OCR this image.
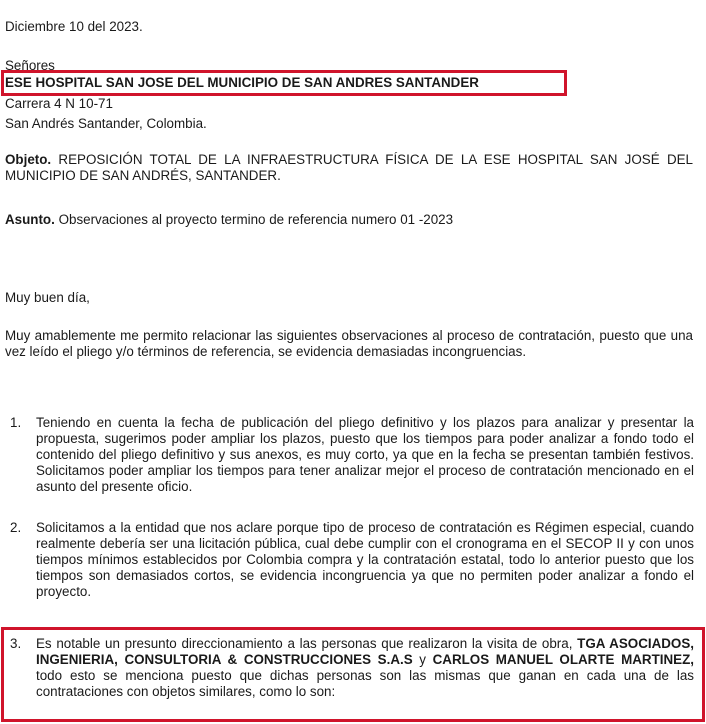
Diciembre 10 del 2023.
Señores
ESE HOSPITAL SAN JOSE DEL MUNICIPIO DE SAN ANDRES SANTANDER
Carrera 4 N 10-71
San Andrés Santander, Colombia.
Objeto. REPOSICIÓN TOTAL DE LA INFRAESTRUCTURA FÍSICA DE LA ESE HOSPITAL SAN JOSÉ DEL MUNICIPIO DE SAN ANDRÉS, SANTANDER.
Asunto. Observaciones al proyecto termino de referencia numero 01 -2023
Muy buen día,
Muy amablemente me permito relacionar las siguientes observaciones al proceso de contratación, puesto que una vez leído el pliego y/o términos de referencia, se evidencia demasiadas incongruencias.
1. Teniendo en cuenta la fecha de publicación del pliego definitivo y los plazos para analizar y presentar la propuesta, sugerimos poder ampliar los plazos, puesto que los tiempos para poder analizar a fondo todo el contenido del pliego definitivo y sus anexos, es muy corto, ya que en la fecha se presentan también festivos. Solicitamos poder ampliar los tiempos para tener analizar mejor el proceso de contratación mencionado en el asunto del presente oficio.
2. Solicitamos a la entidad que nos aclare porque tipo de proceso de contratación es Régimen especial, cuando realmente debería ser una licitación pública, cual debe cumplir con el cronograma en el SECOP II y con unos tiempos mínimos establecidos por Colombia compra y la contratación estatal, todo lo anterior puesto que los tiempos son demasiados cortos, se evidencia incongruencia ya que no permiten poder analizar a fondo el proyecto.
3. Es notable un presunto direccionamiento a las personas que realizaron la visita de obra, TGA ASOCIADOS, INGENIERIA, CONSULTORIA & CONSTRUCCIONES S.A.S y CARLOS MANUEL OLARTE MARTINEZ, todo esto se menciona puesto que dichas personas son las mismas que ganan en cada una de las contrataciones con objetos similares, como lo son:
